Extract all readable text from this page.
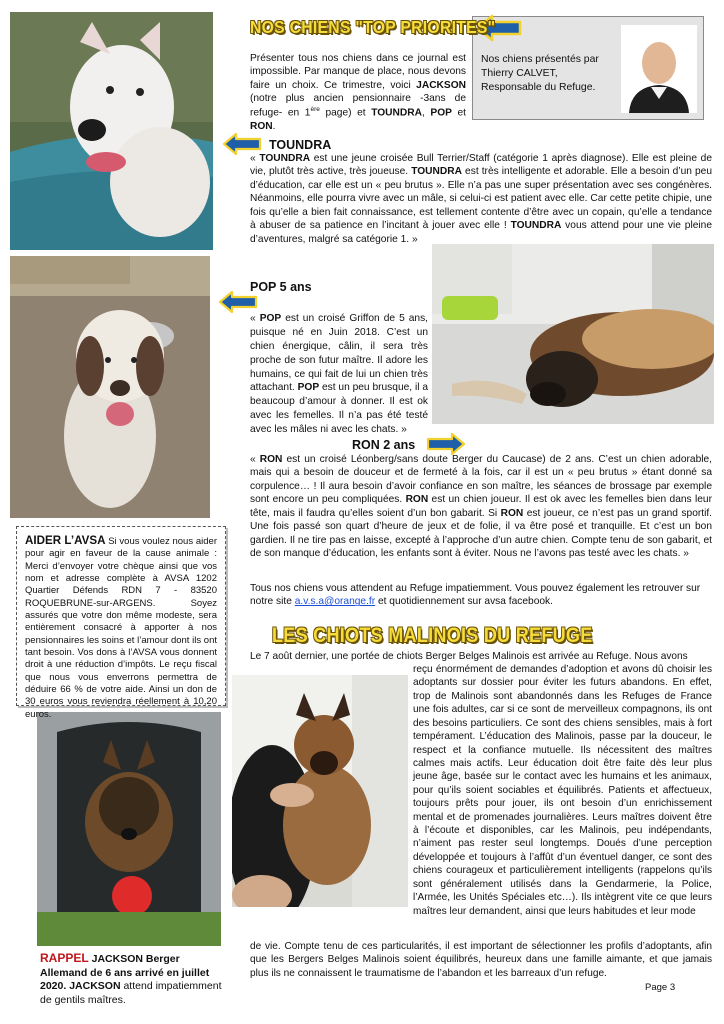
Nos chiens présentés par
Thierry CALVET,
Responsable du Refuge.
NOS CHIENS "TOP PRIORITES"
Présenter tous nos chiens dans ce journal est impossible. Par manque de place, nous devons faire un choix. Ce trimestre, voici JACKSON (notre plus ancien pensionnaire -3ans de refuge- en 1ère page) et TOUNDRA, POP et RON.
TOUNDRA
« TOUNDRA est une jeune croisée Bull Terrier/Staff (catégorie 1 après diagnose). Elle est pleine de vie, plutôt très active, très joueuse. TOUNDRA est très intelligente et adorable. Elle a besoin d’un peu d’éducation, car elle est un « peu brutus ». Elle n’a pas une super présentation avec ses congénères. Néanmoins, elle pourra vivre avec un mâle, si celui-ci est patient avec elle. Car cette petite chipie, une fois qu’elle a bien fait connaissance, est tellement contente d’être avec un copain, qu’elle a tendance à abuser de sa patience en l’incitant à jouer avec elle ! TOUNDRA vous attend pour une vie pleine d’aventures, malgré sa catégorie 1. »
POP 5 ans
« POP est un croisé Griffon de 5 ans, puisque né en Juin 2018. C’est un chien énergique, câlin, il sera très proche de son futur maître. Il adore les humains, ce qui fait de lui un chien très attachant. POP est un peu brusque, il a beaucoup d’amour à donner. Il est ok avec les femelles. Il n’a pas été testé avec les mâles ni avec les chats. »
RON 2 ans
« RON est un croisé Léonberg/sans doute Berger du Caucase) de 2 ans. C’est un chien adorable, mais qui a besoin de douceur et de fermeté à la fois, car il est un « peu brutus » étant donné sa corpulence… ! Il aura besoin d’avoir confiance en son maître, les séances de brossage par exemple sont encore un peu compliquées. RON est un chien joueur. Il est ok avec les femelles bien dans leur tête, mais il faudra qu’elles soient d’un bon gabarit. Si RON est joueur, ce n’est pas un grand sportif. Une fois passé son quart d’heure de jeux et de folie, il va être posé et tranquille. Et c’est un bon gardien. Il ne tire pas en laisse, excepté à l’approche d’un autre chien. Compte tenu de son gabarit, et de son manque d’éducation, les enfants sont à éviter. Nous ne l’avons pas testé avec les chats. »
Tous nos chiens vous attendent au Refuge impatiemment. Vous pouvez également les retrouver sur notre site a.v.s.a@orange.fr et quotidiennement sur avsa facebook.
AIDER L’AVSA Si vous voulez nous aider pour agir en faveur de la cause animale : Merci d’envoyer votre chèque ainsi que vos nom et adresse complète à AVSA 1202 Quartier Défends RDN 7 - 83520 ROQUEBRUNE-sur-ARGENS. Soyez assurés que votre don même modeste, sera entièrement consacré à apporter à nos pensionnaires les soins et l’amour dont ils ont tant besoin. Vos dons à l’AVSA vous donnent droit à une réduction d’impôts. Le reçu fiscal que nous vous enverrons permettra de déduire 66 % de votre aide. Ainsi un don de 30 euros vous reviendra réellement à 10,20 euros.
LES CHIOTS MALINOIS DU REFUGE
Le 7 août dernier, une portée de chiots Berger Belges Malinois est arrivée au Refuge. Nous avons
reçu énormément de demandes d’adoption et avons dû choisir les adoptants sur dossier pour éviter les futurs abandons. En effet, trop de Malinois sont abandonnés dans les Refuges de France une fois adultes, car si ce sont de merveilleux compagnons, ils ont des besoins particuliers. Ce sont des chiens sensibles, mais à fort tempérament. L’éducation des Malinois, passe par la douceur, le respect et la confiance mutuelle. Ils nécessitent des maîtres calmes mais actifs. Leur éducation doit être faite dès leur plus jeune âge, basée sur le contact avec les humains et les animaux, pour qu’ils soient sociables et équilibrés. Patients et affectueux, toujours prêts pour jouer, ils ont besoin d’un enrichissement mental et de promenades journalières. Leurs maîtres doivent être à l’écoute et disponibles, car les Malinois, peu indépendants, n’aiment pas rester seul longtemps. Doués d’une perception développée et toujours à l’affût d’un éventuel danger, ce sont des chiens courageux et particulièrement intelligents (rappelons qu’ils sont généralement utilisés dans la Gendarmerie, la Police, l’Armée, les Unités Spéciales etc…). Ils intègrent vite ce que leurs maîtres leur demandent, ainsi que leurs habitudes et leur mode
de vie. Compte tenu de ces particularités, il est important de sélectionner les profils d’adoptants, afin que les Bergers Belges Malinois soient équilibrés, heureux dans une famille aimante, et que jamais plus ils ne connaissent le traumatisme de l’abandon et les barreaux d’un refuge.
RAPPEL JACKSON Berger Allemand de 6 ans arrivé en juillet 2020. JACKSON attend impatiemment de gentils maîtres.
Page 3
